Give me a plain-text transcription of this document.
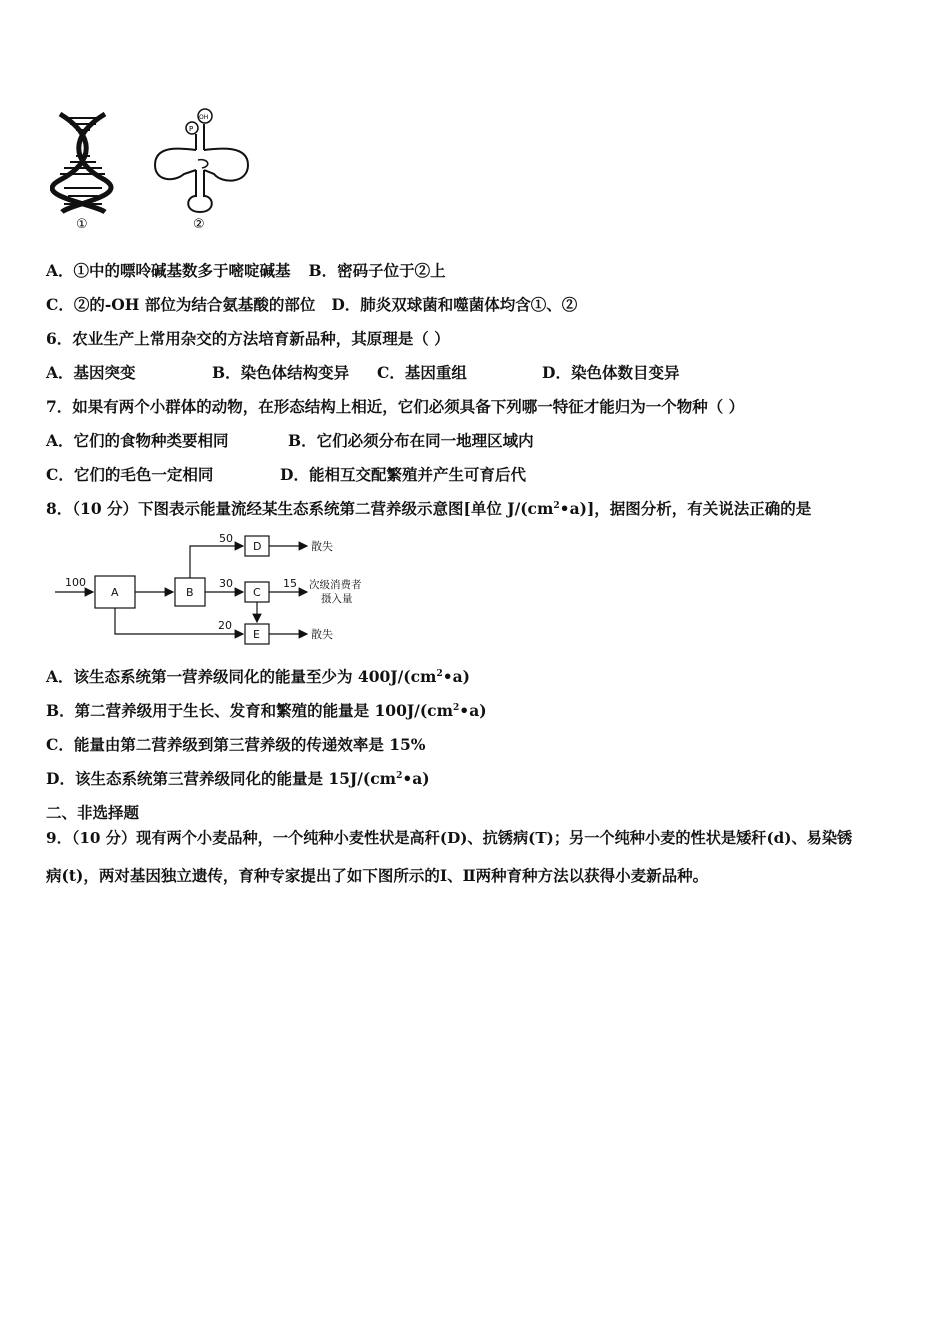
①
P
OH
②
A．①中的嘌呤碱基数多于嘧啶碱基 B．密码子位于②上
C．②的-OH 部位为结合氨基酸的部位 D．肺炎双球菌和噬菌体均含①、②
6．农业生产上常用杂交的方法培育新品种，其原理是（ ）
A．基因突变	B．染色体结构变异 C．基因重组	D．染色体数目变异
7．如果有两个小群体的动物，在形态结构上相近，它们必须具备下列哪一特征才能归为一个物种（ ）
A．它们的食物种类要相同	B．它们必须分布在同一地理区域内
C．它们的毛色一定相同	D．能相互交配繁殖并产生可育后代
8．（10 分）下图表示能量流经某生态系统第二营养级示意图[单位 $J/(cm^2•a)$]，据图分析，有关说法正确的是
100
A	B
D
C
E
50
30
20
15
散失
次级消费者
摄入量
散失
A．该生态系统第一营养级同化的能量至少为 $400J/(cm^2•a)$
B．第二营养级用于生长、发育和繁殖的能量是 $100J/(cm^2•a)$
C．能量由第二营养级到第三营养级的传递效率是 15%
D．该生态系统第三营养级同化的能量是 $15J/(cm^2•a)$
二、非选择题
9．（10 分）现有两个小麦品种，一个纯种小麦性状是高秆(D)、抗锈病(T)；另一个纯种小麦的性状是矮秆(d)、易染锈
病(t)，两对基因独立遗传，育种专家提出了如下图所示的Ⅰ、Ⅱ两种育种方法以获得小麦新品种。
